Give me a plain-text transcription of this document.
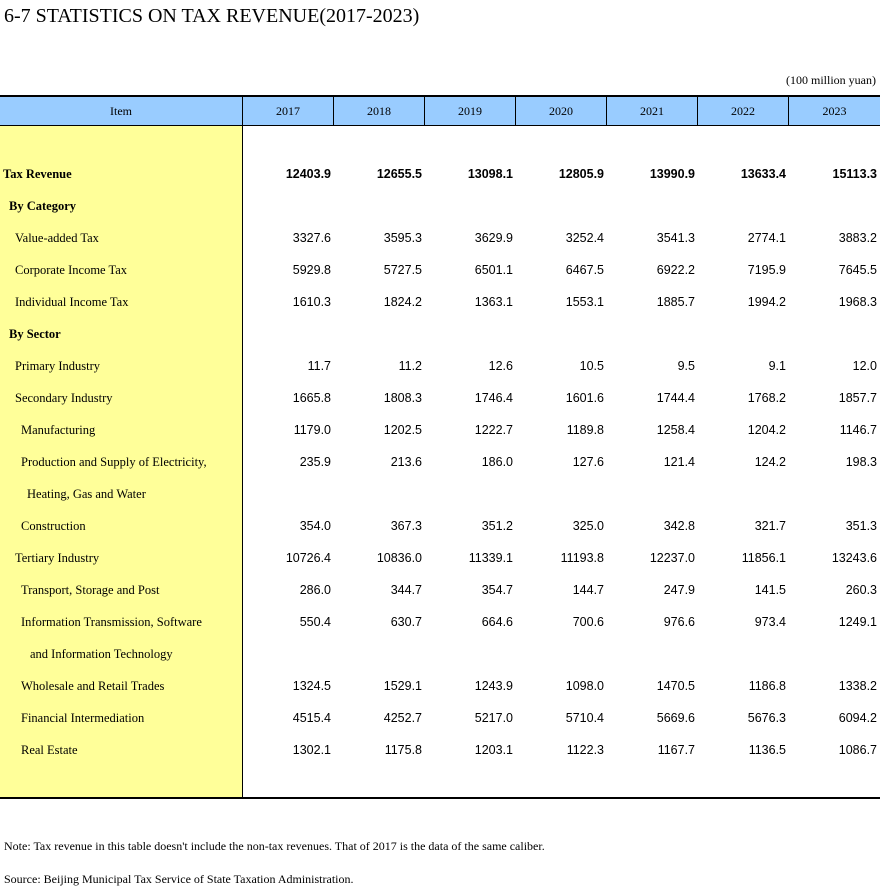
6-7 STATISTICS ON TAX REVENUE(2017-2023)
(100 million yuan)
Item	2017	2018	2019	2020	2021	2022	2023
Tax Revenue	12403.9	12655.5	13098.1	12805.9	13990.9	13633.4	15113.3
By Category
Value-added Tax	3327.6	3595.3	3629.9	3252.4	3541.3	2774.1	3883.2
Corporate Income Tax	5929.8	5727.5	6501.1	6467.5	6922.2	7195.9	7645.5
Individual Income Tax	1610.3	1824.2	1363.1	1553.1	1885.7	1994.2	1968.3
By Sector
Primary Industry	11.7	11.2	12.6	10.5	9.5	9.1	12.0
Secondary Industry	1665.8	1808.3	1746.4	1601.6	1744.4	1768.2	1857.7
Manufacturing	1179.0	1202.5	1222.7	1189.8	1258.4	1204.2	1146.7
Production and Supply of Electricity,	235.9	213.6	186.0	127.6	121.4	124.2	198.3
Heating, Gas and Water
Construction	354.0	367.3	351.2	325.0	342.8	321.7	351.3
Tertiary Industry	10726.4	10836.0	11339.1	11193.8	12237.0	11856.1	13243.6
Transport, Storage and Post	286.0	344.7	354.7	144.7	247.9	141.5	260.3
Information Transmission, Software	550.4	630.7	664.6	700.6	976.6	973.4	1249.1
and Information Technology
Wholesale and Retail Trades	1324.5	1529.1	1243.9	1098.0	1470.5	1186.8	1338.2
Financial Intermediation	4515.4	4252.7	5217.0	5710.4	5669.6	5676.3	6094.2
Real Estate	1302.1	1175.8	1203.1	1122.3	1167.7	1136.5	1086.7
Note: Tax revenue in this table doesn't include the non-tax revenues. That of 2017 is the data of the same caliber.
Source: Beijing Municipal Tax Service of State Taxation Administration.
